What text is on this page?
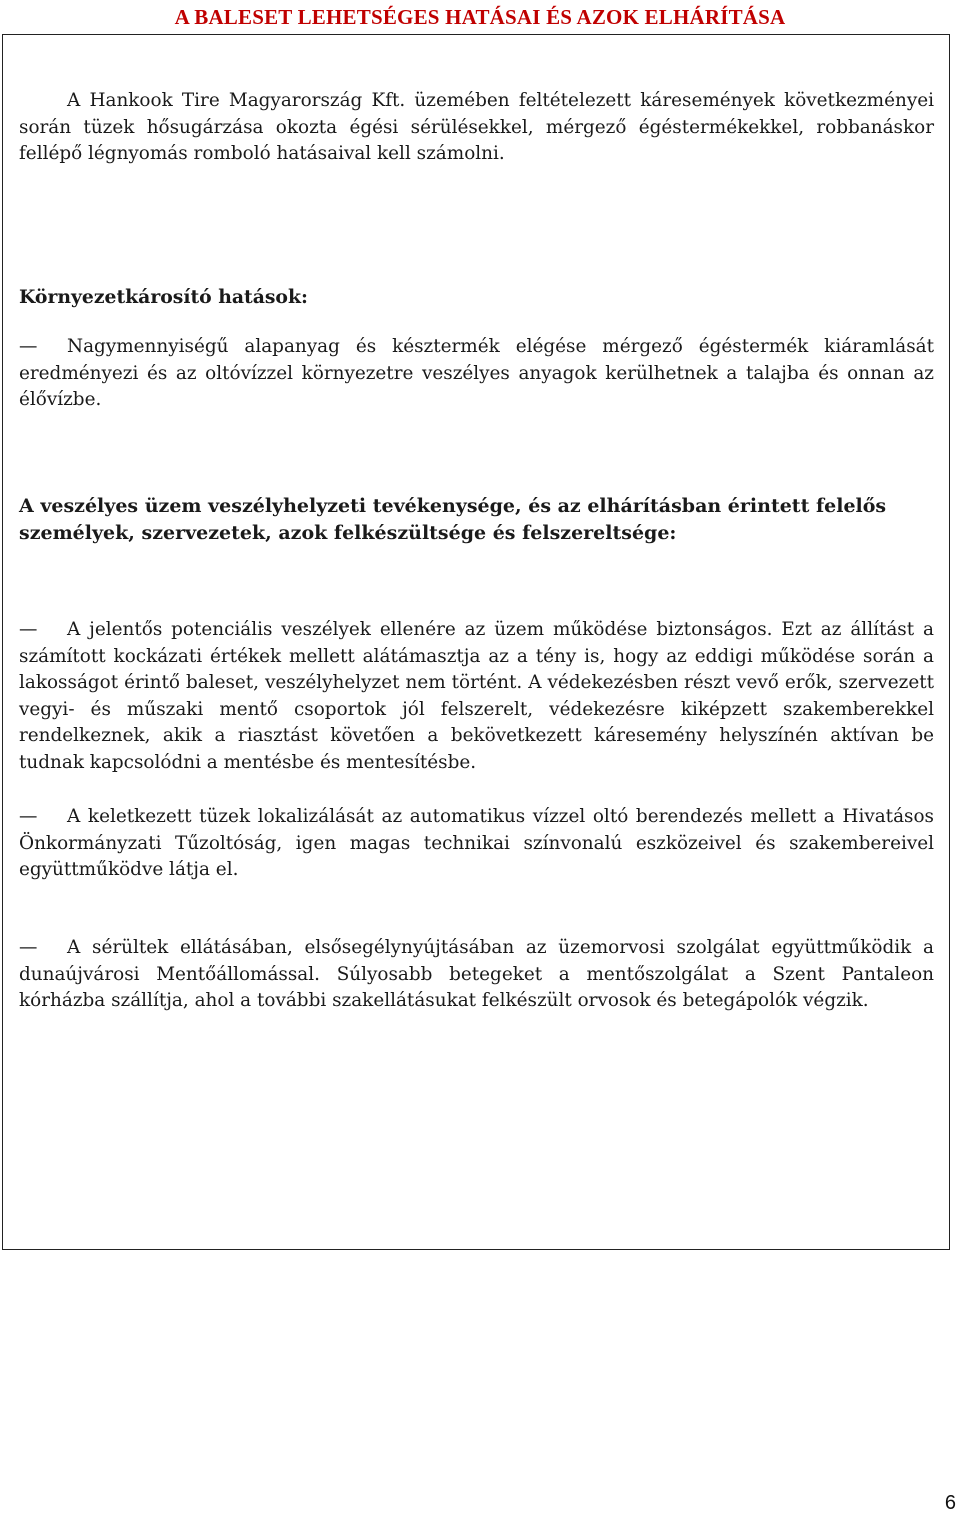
A BALESET LEHETSÉGES HATÁSAI ÉS AZOK ELHÁRÍTÁSA

A Hankook Tire Magyarország Kft. üzemében feltételezett káresemények következményei során tüzek hősugárzása okozta égési sérülésekkel, mérgező égéstermékekkel, robbanáskor fellépő légnyomás romboló hatásaival kell számolni.

Környezetkárosító hatások:

— Nagymennyiségű alapanyag és késztermék elégése mérgező égéstermék kiáramlását eredményezi és az oltóvízzel környezetre veszélyes anyagok kerülhetnek a talajba és onnan az élővízbe.

A veszélyes üzem veszélyhelyzeti tevékenysége, és az elhárításban érintett felelős személyek, szervezetek, azok felkészültsége és felszereltsége:

— A jelentős potenciális veszélyek ellenére az üzem működése biztonságos. Ezt az állítást a számított kockázati értékek mellett alátámasztja az a tény is, hogy az eddigi működése során a lakosságot érintő baleset, veszélyhelyzet nem történt. A védekezésben részt vevő erők, szervezett vegyi- és műszaki mentő csoportok jól felszerelt, védekezésre kiképzett szakemberekkel rendelkeznek, akik a riasztást követően a bekövetkezett káresemény helyszínén aktívan be tudnak kapcsolódni a mentésbe és mentesítésbe.

— A keletkezett tüzek lokalizálását az automatikus vízzel oltó berendezés mellett a Hivatásos Önkormányzati Tűzoltóság, igen magas technikai színvonalú eszközeivel és szakembereivel együttműködve látja el.

— A sérültek ellátásában, elsősegélynyújtásában az üzemorvosi szolgálat együttműködik a dunaújvárosi Mentőállomással. Súlyosabb betegeket a mentőszolgálat a Szent Pantaleon kórházba szállítja, ahol a további szakellátásukat felkészült orvosok és betegápolók végzik.

6
